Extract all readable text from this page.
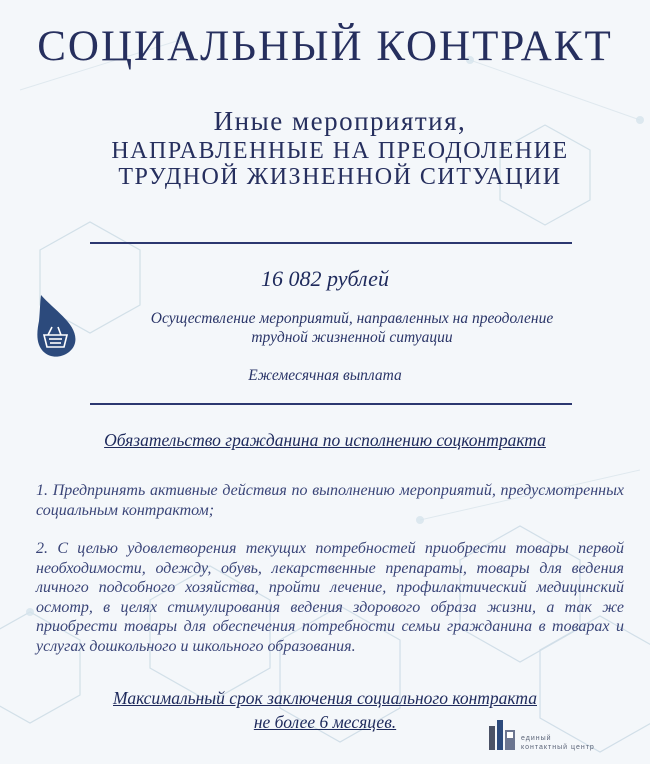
СОЦИАЛЬНЫЙ КОНТРАКТ
Иные мероприятия,
НАПРАВЛЕННЫЕ НА ПРЕОДОЛЕНИЕ
ТРУДНОЙ ЖИЗНЕННОЙ СИТУАЦИИ
16 082 рублей
Осуществление мероприятий, направленных на преодоление
трудной жизненной ситуации
Ежемесячная выплата
Обязательство гражданина по исполнению соцконтракта
1. Предпринять активные действия по выполнению мероприятий, предусмотренных социальным контрактом;
2. С целью удовлетворения текущих потребностей приобрести товары первой необходимости, одежду, обувь, лекарственные препараты, товары для ведения личного подсобного хозяйства, пройти лечение, профилактический медицинский осмотр, в целях стимулирования ведения здорового образа жизни, а так же приобрести товары для обеспечения потребности семьи гражданина в товарах и услугах дошкольного и школьного образования.
Максимальный срок заключения социального контракта
не более 6 месяцев.
единый
контактный центр
